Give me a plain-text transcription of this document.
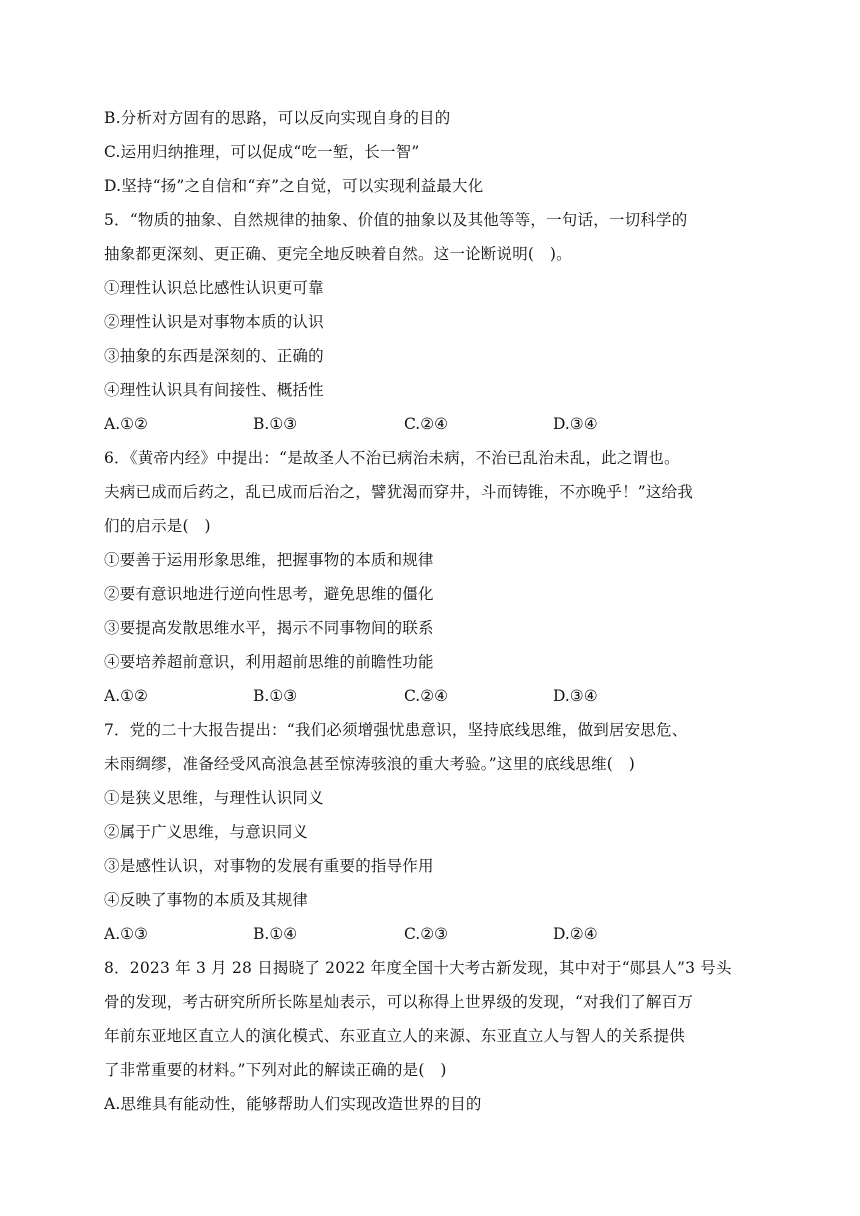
B.分析对方固有的思路，可以反向实现自身的目的
C.运用归纳推理，可以促成“吃一堑，长一智”
D.坚持“扬”之自信和“弃”之自觉，可以实现利益最大化
5．“物质的抽象、自然规律的抽象、价值的抽象以及其他等等，一句话，一切科学的
抽象都更深刻、更正确、更完全地反映着自然。这一论断说明(　)。
①理性认识总比感性认识更可靠
②理性认识是对事物本质的认识
③抽象的东西是深刻的、正确的
④理性认识具有间接性、概括性
A.①②	B.①③	C.②④	D.③④
6．《黄帝内经》中提出：“是故圣人不治已病治未病，不治已乱治未乱，此之谓也。
夫病已成而后药之，乱已成而后治之，譬犹渴而穿井，斗而铸锥，不亦晚乎！”这给我
们的启示是(　)
①要善于运用形象思维，把握事物的本质和规律
②要有意识地进行逆向性思考，避免思维的僵化
③要提高发散思维水平，揭示不同事物间的联系
④要培养超前意识，利用超前思维的前瞻性功能
A.①②	B.①③	C.②④	D.③④
7．党的二十大报告提出：“我们必须增强忧患意识，坚持底线思维，做到居安思危、
未雨绸缪，准备经受风高浪急甚至惊涛骇浪的重大考验。”这里的底线思维(　)
①是狭义思维，与理性认识同义
②属于广义思维，与意识同义
③是感性认识，对事物的发展有重要的指导作用
④反映了事物的本质及其规律
A.①③	B.①④	C.②③	D.②④
8．2023 年 3 月 28 日揭晓了 2022 年度全国十大考古新发现，其中对于“郧县人”3 号头
骨的发现，考古研究所所长陈星灿表示，可以称得上世界级的发现，“对我们了解百万
年前东亚地区直立人的演化模式、东亚直立人的来源、东亚直立人与智人的关系提供
了非常重要的材料。”下列对此的解读正确的是(　)
A.思维具有能动性，能够帮助人们实现改造世界的目的
